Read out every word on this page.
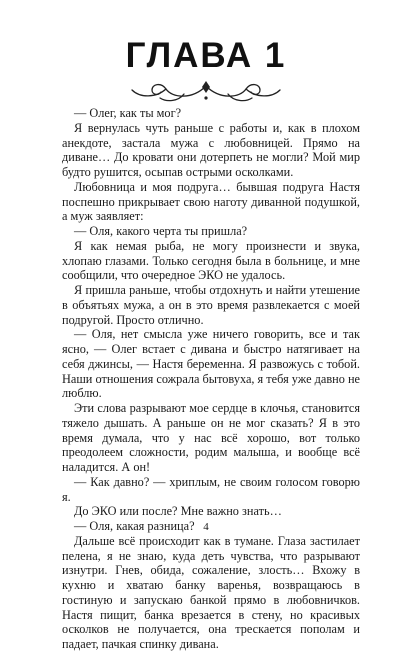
ГЛАВА 1

— Олег, как ты мог?

Я вернулась чуть раньше с работы и, как в плохом анекдоте, застала мужа с любовницей. Прямо на диване… До кровати они дотерпеть не могли? Мой мир будто рушится, осыпав острыми осколками.

Любовница и моя подруга… бывшая подруга Настя поспешно прикрывает свою наготу диванной подушкой, а муж заявляет:

— Оля, какого черта ты пришла?

Я как немая рыба, не могу произнести и звука, хлопаю глазами. Только сегодня была в больнице, и мне сообщили, что очередное ЭКО не удалось.

Я пришла раньше, чтобы отдохнуть и найти утешение в объятьях мужа, а он в это время развлекается с моей подругой. Просто отлично.

— Оля, нет смысла уже ничего говорить, все и так ясно, — Олег встает с дивана и быстро натягивает на себя джинсы, — Настя беременна. Я развожусь с тобой. Наши отношения сожрала бытовуха, я тебя уже давно не люблю.

Эти слова разрывают мое сердце в клочья, становится тяжело дышать. А раньше он не мог сказать? Я в это время думала, что у нас всё хорошо, вот только преодолеем сложности, родим малыша, и вообще всё наладится. А он!

— Как давно? — хриплым, не своим голосом говорю я.

До ЭКО или после? Мне важно знать…

— Оля, какая разница?

Дальше всё происходит как в тумане. Глаза застилает пелена, я не знаю, куда деть чувства, что разрывают изнутри. Гнев, обида, сожаление, злость… Вхожу в кухню и хватаю банку варенья, возвращаюсь в гостиную и запускаю банкой прямо в любовничков. Настя пищит, банка врезается в стену, но красивых осколков не получается, она трескается пополам и падает, пачкая спинку дивана.

4
